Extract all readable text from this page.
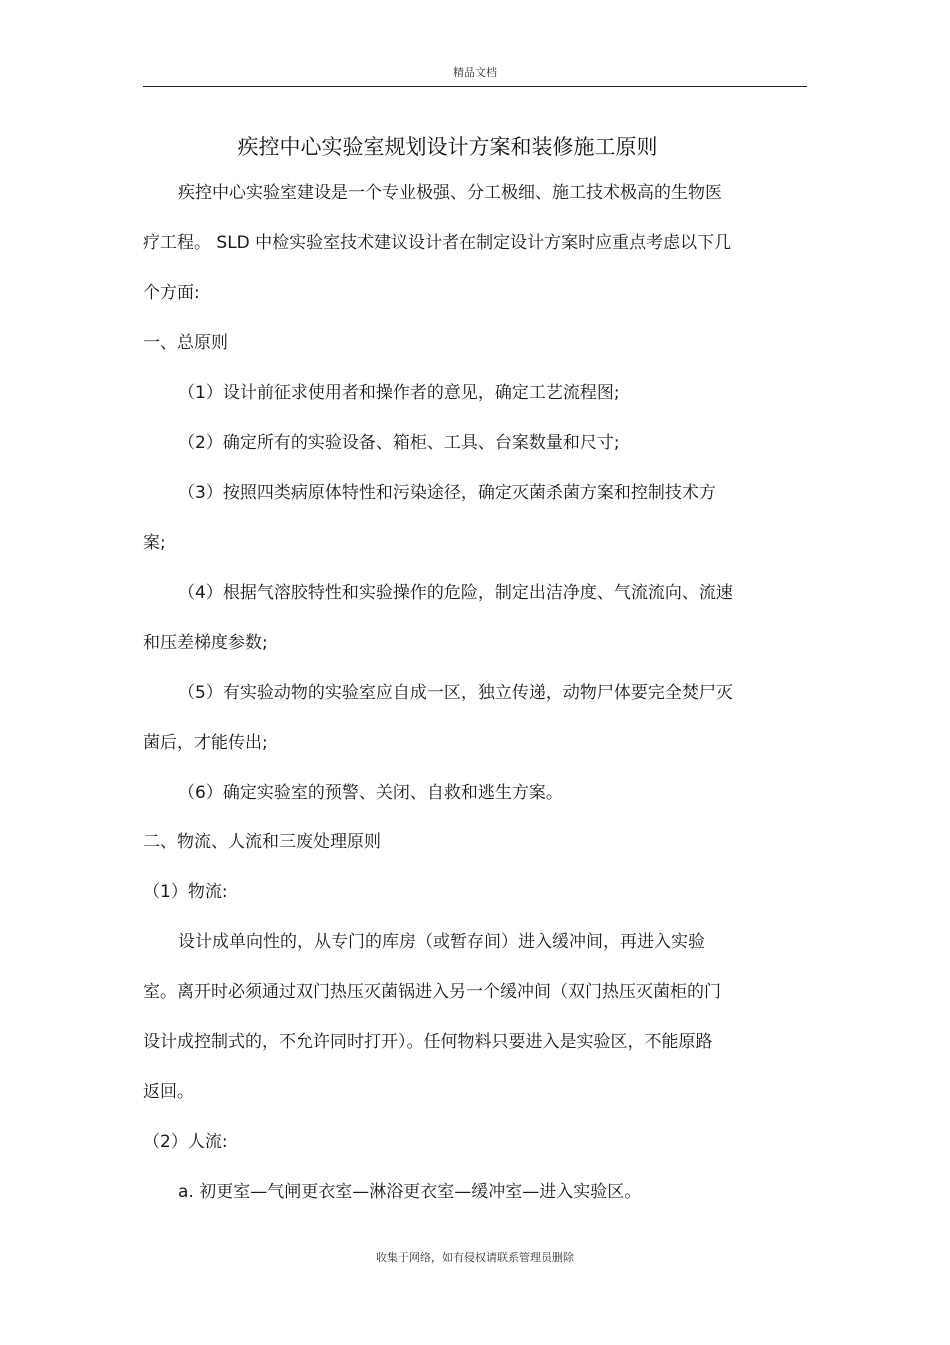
精品文档
疾控中心实验室规划设计方案和装修施工原则
疾控中心实验室建设是一个专业极强、分工极细、施工技术极高的生物医
疗工程。 SLD 中检实验室技术建议设计者在制定设计方案时应重点考虑以下几
个方面:
一、总原则
（1）设计前征求使用者和操作者的意见，确定工艺流程图;
（2）确定所有的实验设备、箱柜、工具、台案数量和尺寸;
（3）按照四类病原体特性和污染途径，确定灭菌杀菌方案和控制技术方
案;
（4）根据气溶胶特性和实验操作的危险，制定出洁净度、气流流向、流速
和压差梯度参数;
（5）有实验动物的实验室应自成一区，独立传递，动物尸体要完全焚尸灭
菌后，才能传出;
（6）确定实验室的预警、关闭、自救和逃生方案。
二、物流、人流和三废处理原则
（1）物流:
设计成单向性的，从专门的库房（或暂存间）进入缓冲间，再进入实验
室。离开时必须通过双门热压灭菌锅进入另一个缓冲间（双门热压灭菌柜的门
设计成控制式的，不允许同时打开）。任何物料只要进入是实验区，不能原路
返回。
（2）人流:
a. 初更室—气闸更衣室—淋浴更衣室—缓冲室—进入实验区。
收集于网络，如有侵权请联系管理员删除
